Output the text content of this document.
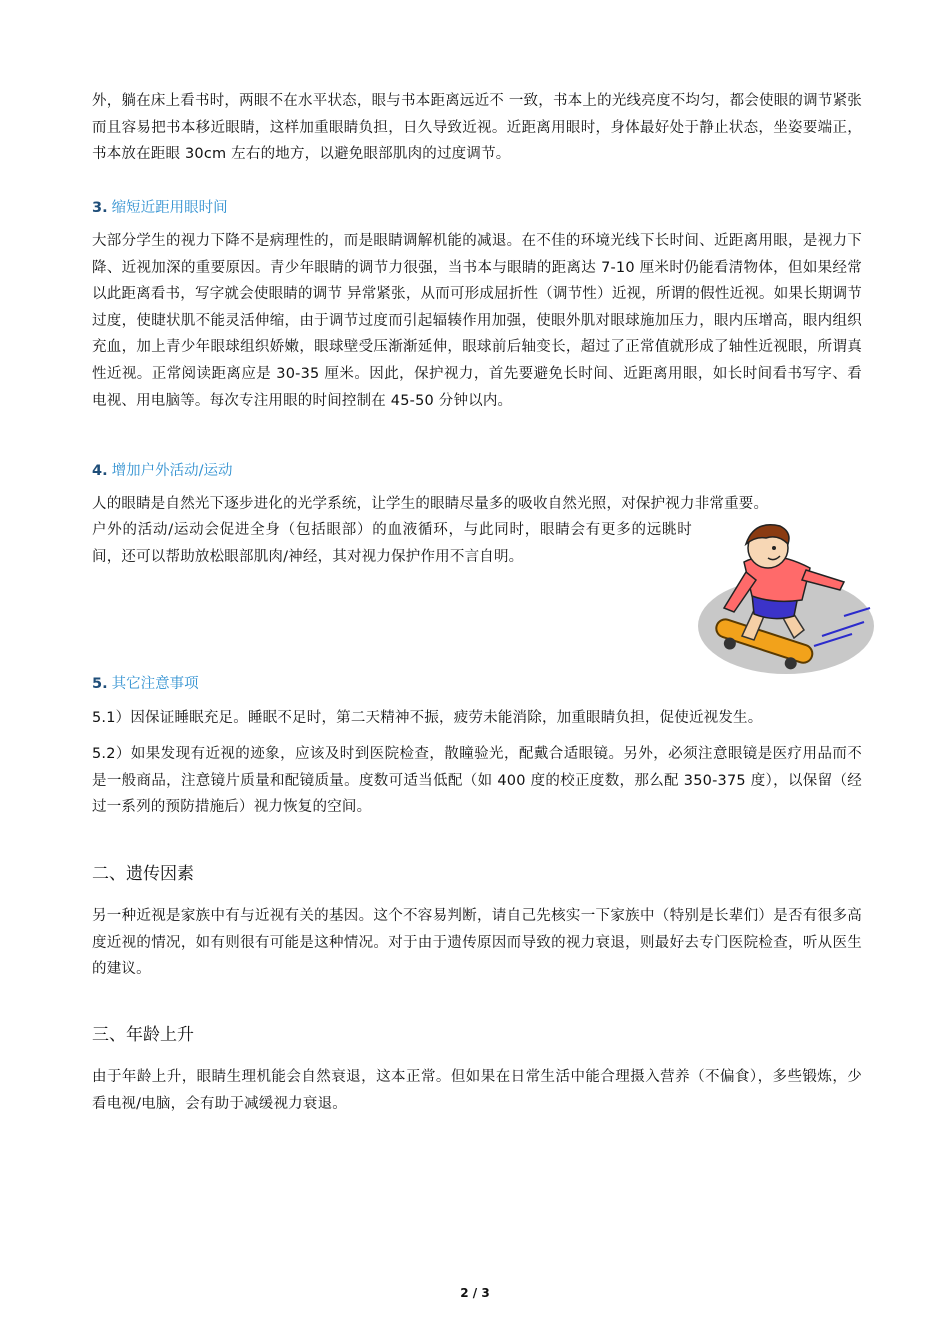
外，躺在床上看书时，两眼不在水平状态，眼与书本距离远近不 一致，书本上的光线亮度不均匀，都会使眼的调节紧张而且容易把书本移近眼睛，这样加重眼睛负担，日久导致近视。近距离用眼时，身体最好处于静止状态，坐姿要端正，书本放在距眼 30cm 左右的地方，以避免眼部肌肉的过度调节。

3. 缩短近距用眼时间

大部分学生的视力下降不是病理性的，而是眼睛调解机能的减退。在不佳的环境光线下长时间、近距离用眼，是视力下降、近视加深的重要原因。青少年眼睛的调节力很强，当书本与眼睛的距离达 7-10 厘米时仍能看清物体，但如果经常以此距离看书，写字就会使眼睛的调节 异常紧张，从而可形成屈折性（调节性）近视，所谓的假性近视。如果长期调节过度，使睫状肌不能灵活伸缩，由于调节过度而引起辐辏作用加强，使眼外肌对眼球施加压力，眼内压增高，眼内组织充血，加上青少年眼球组织娇嫩，眼球壁受压渐渐延伸，眼球前后轴变长，超过了正常值就形成了轴性近视眼，所谓真性近视。正常阅读距离应是 30-35 厘米。因此，保护视力，首先要避免长时间、近距离用眼，如长时间看书写字、看电视、用电脑等。每次专注用眼的时间控制在 45-50 分钟以内。

4. 增加户外活动/运动

人的眼睛是自然光下逐步进化的光学系统，让学生的眼睛尽量多的吸收自然光照，对保护视力非常重要。

户外的活动/运动会促进全身（包括眼部）的血液循环，与此同时，眼睛会有更多的远眺时间，还可以帮助放松眼部肌肉/神经，其对视力保护作用不言自明。

5. 其它注意事项

5.1）因保证睡眠充足。睡眠不足时，第二天精神不振，疲劳未能消除，加重眼睛负担，促使近视发生。

5.2）如果发现有近视的迹象，应该及时到医院检查，散瞳验光，配戴合适眼镜。另外，必须注意眼镜是医疗用品而不是一般商品，注意镜片质量和配镜质量。度数可适当低配（如 400 度的校正度数，那么配 350-375 度），以保留（经过一系列的预防措施后）视力恢复的空间。

二、遗传因素

另一种近视是家族中有与近视有关的基因。这个不容易判断，请自己先核实一下家族中（特别是长辈们）是否有很多高度近视的情况，如有则很有可能是这种情况。对于由于遗传原因而导致的视力衰退，则最好去专门医院检查，听从医生的建议。

三、年龄上升

由于年龄上升，眼睛生理机能会自然衰退，这本正常。但如果在日常生活中能合理摄入营养（不偏食），多些锻炼，少看电视/电脑，会有助于减缓视力衰退。

2 / 3
